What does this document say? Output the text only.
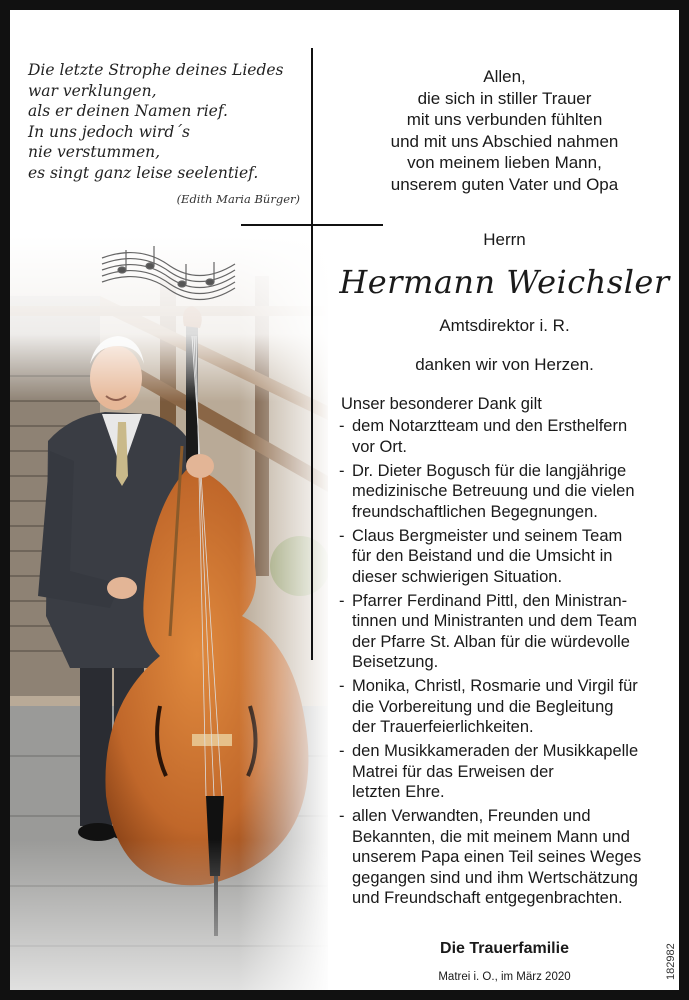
Die letzte Strophe deines Liedes
war verklungen,
als er deinen Namen rief.
In uns jedoch wird´s
nie verstummen,
es singt ganz leise seelentief.
(Edith Maria Bürger)
Allen,
die sich in stiller Trauer
mit uns verbunden fühlten
und mit uns Abschied nahmen
von meinem lieben Mann,
unserem guten Vater und Opa
Herrn
Hermann Weichsler
Amtsdirektor i. R.
danken wir von Herzen.
Unser besonderer Dank gilt
- dem Notarztteam und den Ersthelfern
vor Ort.
- Dr. Dieter Bogusch für die langjährige
medizinische Betreuung und die vielen
freundschaftlichen Begegnungen.
- Claus Bergmeister und seinem Team
für den Beistand und die Umsicht in
dieser schwierigen Situation.
- Pfarrer Ferdinand Pittl, den Ministran-
tinnen und Ministranten und dem Team
der Pfarre St. Alban für die würdevolle
Beisetzung.
- Monika, Christl, Rosmarie und Virgil für
die Vorbereitung und die Begleitung
der Trauerfeierlichkeiten.
- den Musikkameraden der Musikkapelle
Matrei für das Erweisen der
letzten Ehre.
- allen Verwandten, Freunden und
Bekannten, die mit meinem Mann und
unserem Papa einen Teil seines Weges
gegangen sind und ihm Wertschätzung
und Freundschaft entgegenbrachten.
Die Trauerfamilie
Matrei i. O., im März 2020	182982
